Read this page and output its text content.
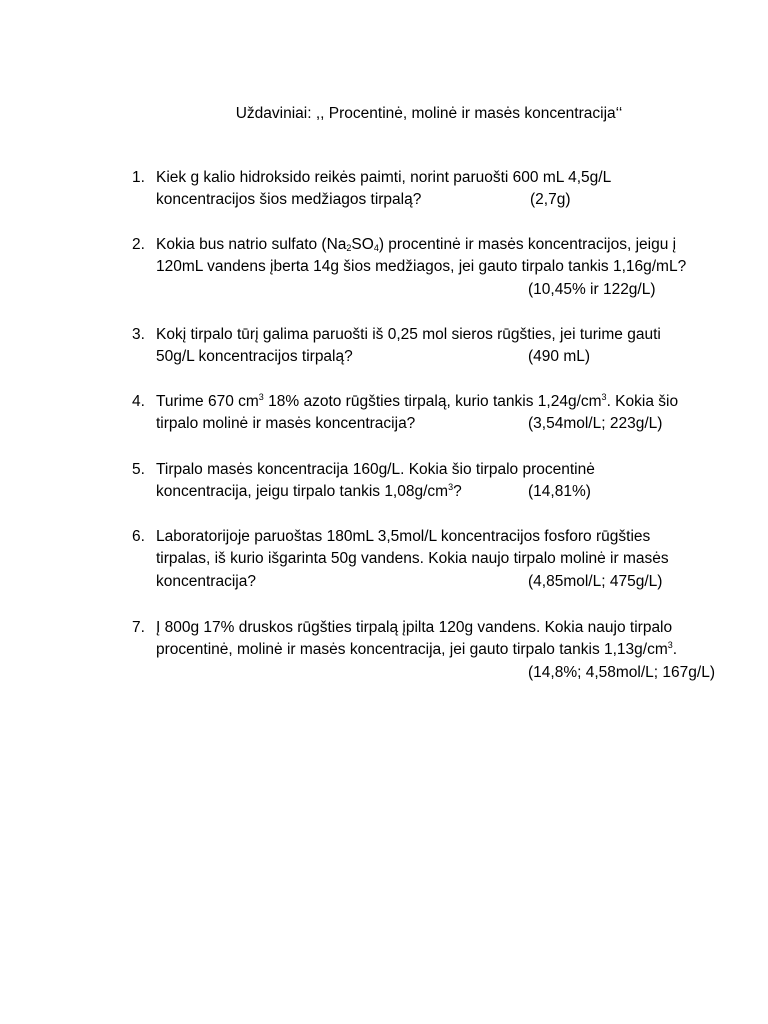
Uždaviniai: ,, Procentinė, molinė ir masės koncentracija‘‘
1. Kiek g kalio hidroksido reikės paimti, norint paruošti 600 mL 4,5g/L
koncentracijos šios medžiagos tirpalą?	(2,7g)
2. Kokia bus natrio sulfato $(Na_2SO_4)$ procentinė ir masės koncentracijos, jeigu į
120mL vandens įberta 14g šios medžiagos, jei gauto tirpalo tankis 1,16g/mL?
(10,45% ir 122g/L)
3. Kokį tirpalo tūrį galima paruošti iš 0,25 mol sieros rūgšties, jei turime gauti
50g/L koncentracijos tirpalą?	(490 mL)
4. Turime 670 $cm^3$ 18% azoto rūgšties tirpalą, kurio tankis $1,24g/cm^3$. Kokia šio
tirpalo molinė ir masės koncentracija?	(3,54mol/L; 223g/L)
5. Tirpalo masės koncentracija 160g/L. Kokia šio tirpalo procentinė
koncentracija, jeigu tirpalo tankis $1,08g/cm^3$?	(14,81%)
6. Laboratorijoje paruoštas 180mL 3,5mol/L koncentracijos fosforo rūgšties
tirpalas, iš kurio išgarinta 50g vandens. Kokia naujo tirpalo molinė ir masės
koncentracija?	(4,85mol/L; 475g/L)
7. Į 800g 17% druskos rūgšties tirpalą įpilta 120g vandens. Kokia naujo tirpalo
procentinė, molinė ir masės koncentracija, jei gauto tirpalo tankis $1,13g/cm^3$.
(14,8%; 4,58mol/L; 167g/L)
